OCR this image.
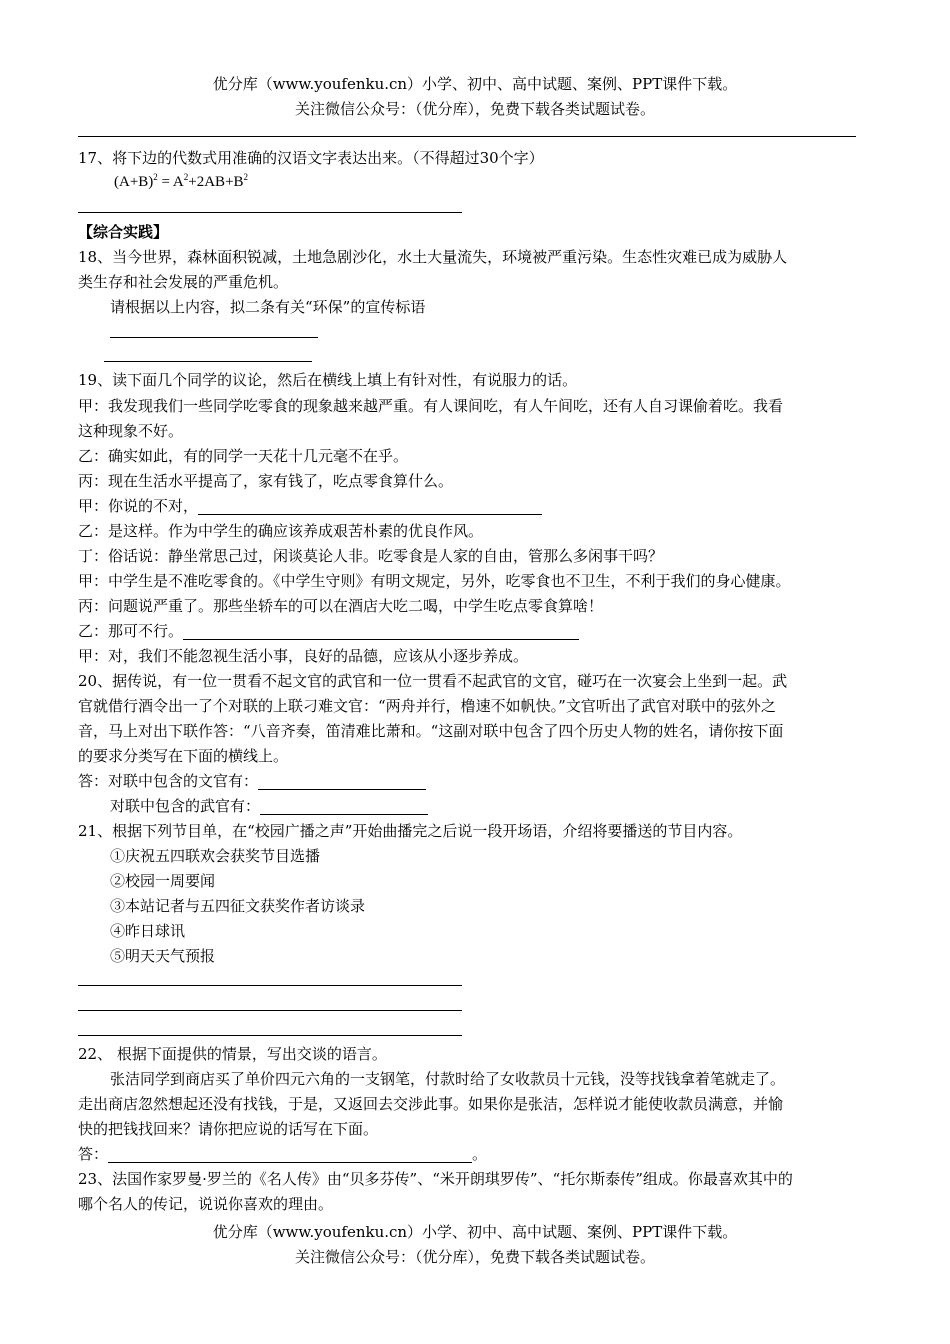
优分库（www.youfenku.cn）小学、初中、高中试题、案例、PPT课件下载。
关注微信公众号：（优分库），免费下载各类试题试卷。
17、将下边的代数式用准确的汉语文字表达出来。（不得超过30个字）
$(A+B)^2 = A^2+2AB+B^2$
【综合实践】
18、当今世界，森林面积锐减，土地急剧沙化，水土大量流失，环境被严重污染。生态性灾难已成为威胁人
类生存和社会发展的严重危机。
请根据以上内容，拟二条有关“环保”的宣传标语
19、读下面几个同学的议论，然后在横线上填上有针对性，有说服力的话。
甲：我发现我们一些同学吃零食的现象越来越严重。有人课间吃，有人午间吃，还有人自习课偷着吃。我看
这种现象不好。
乙：确实如此，有的同学一天花十几元毫不在乎。
丙：现在生活水平提高了，家有钱了，吃点零食算什么。
甲：你说的不对，
乙：是这样。作为中学生的确应该养成艰苦朴素的优良作风。
丁：俗话说：静坐常思己过，闲谈莫论人非。吃零食是人家的自由，管那么多闲事干吗？
甲：中学生是不准吃零食的。《中学生守则》有明文规定，另外，吃零食也不卫生，不利于我们的身心健康。
丙：问题说严重了。那些坐轿车的可以在酒店大吃二喝，中学生吃点零食算啥！
乙：那可不行。
甲：对，我们不能忽视生活小事，良好的品德，应该从小逐步养成。
20、据传说，有一位一贯看不起文官的武官和一位一贯看不起武官的文官，碰巧在一次宴会上坐到一起。武
官就借行酒令出一了个对联的上联刁难文官：“两舟并行，橹速不如帆快。”文官听出了武官对联中的弦外之
音，马上对出下联作答：“八音齐奏，笛清难比萧和。“这副对联中包含了四个历史人物的姓名，请你按下面
的要求分类写在下面的横线上。
答：对联中包含的文官有：
对联中包含的武官有：
21、根据下列节目单，在“校园广播之声”开始曲播完之后说一段开场语，介绍将要播送的节目内容。
①庆祝五四联欢会获奖节目选播
②校园一周要闻
③本站记者与五四征文获奖作者访谈录
④昨日球讯
⑤明天天气预报
22、 根据下面提供的情景，写出交谈的语言。
张洁同学到商店买了单价四元六角的一支钢笔，付款时给了女收款员十元钱，没等找钱拿着笔就走了。
走出商店忽然想起还没有找钱，于是，又返回去交涉此事。如果你是张洁，怎样说才能使收款员满意，并愉
快的把钱找回来？请你把应说的话写在下面。
答：	。
23、法国作家罗曼·罗兰的《名人传》由“贝多芬传”、“米开朗琪罗传”、“托尔斯泰传”组成。你最喜欢其中的
哪个名人的传记，说说你喜欢的理由。
优分库（www.youfenku.cn）小学、初中、高中试题、案例、PPT课件下载。
关注微信公众号：（优分库），免费下载各类试题试卷。
